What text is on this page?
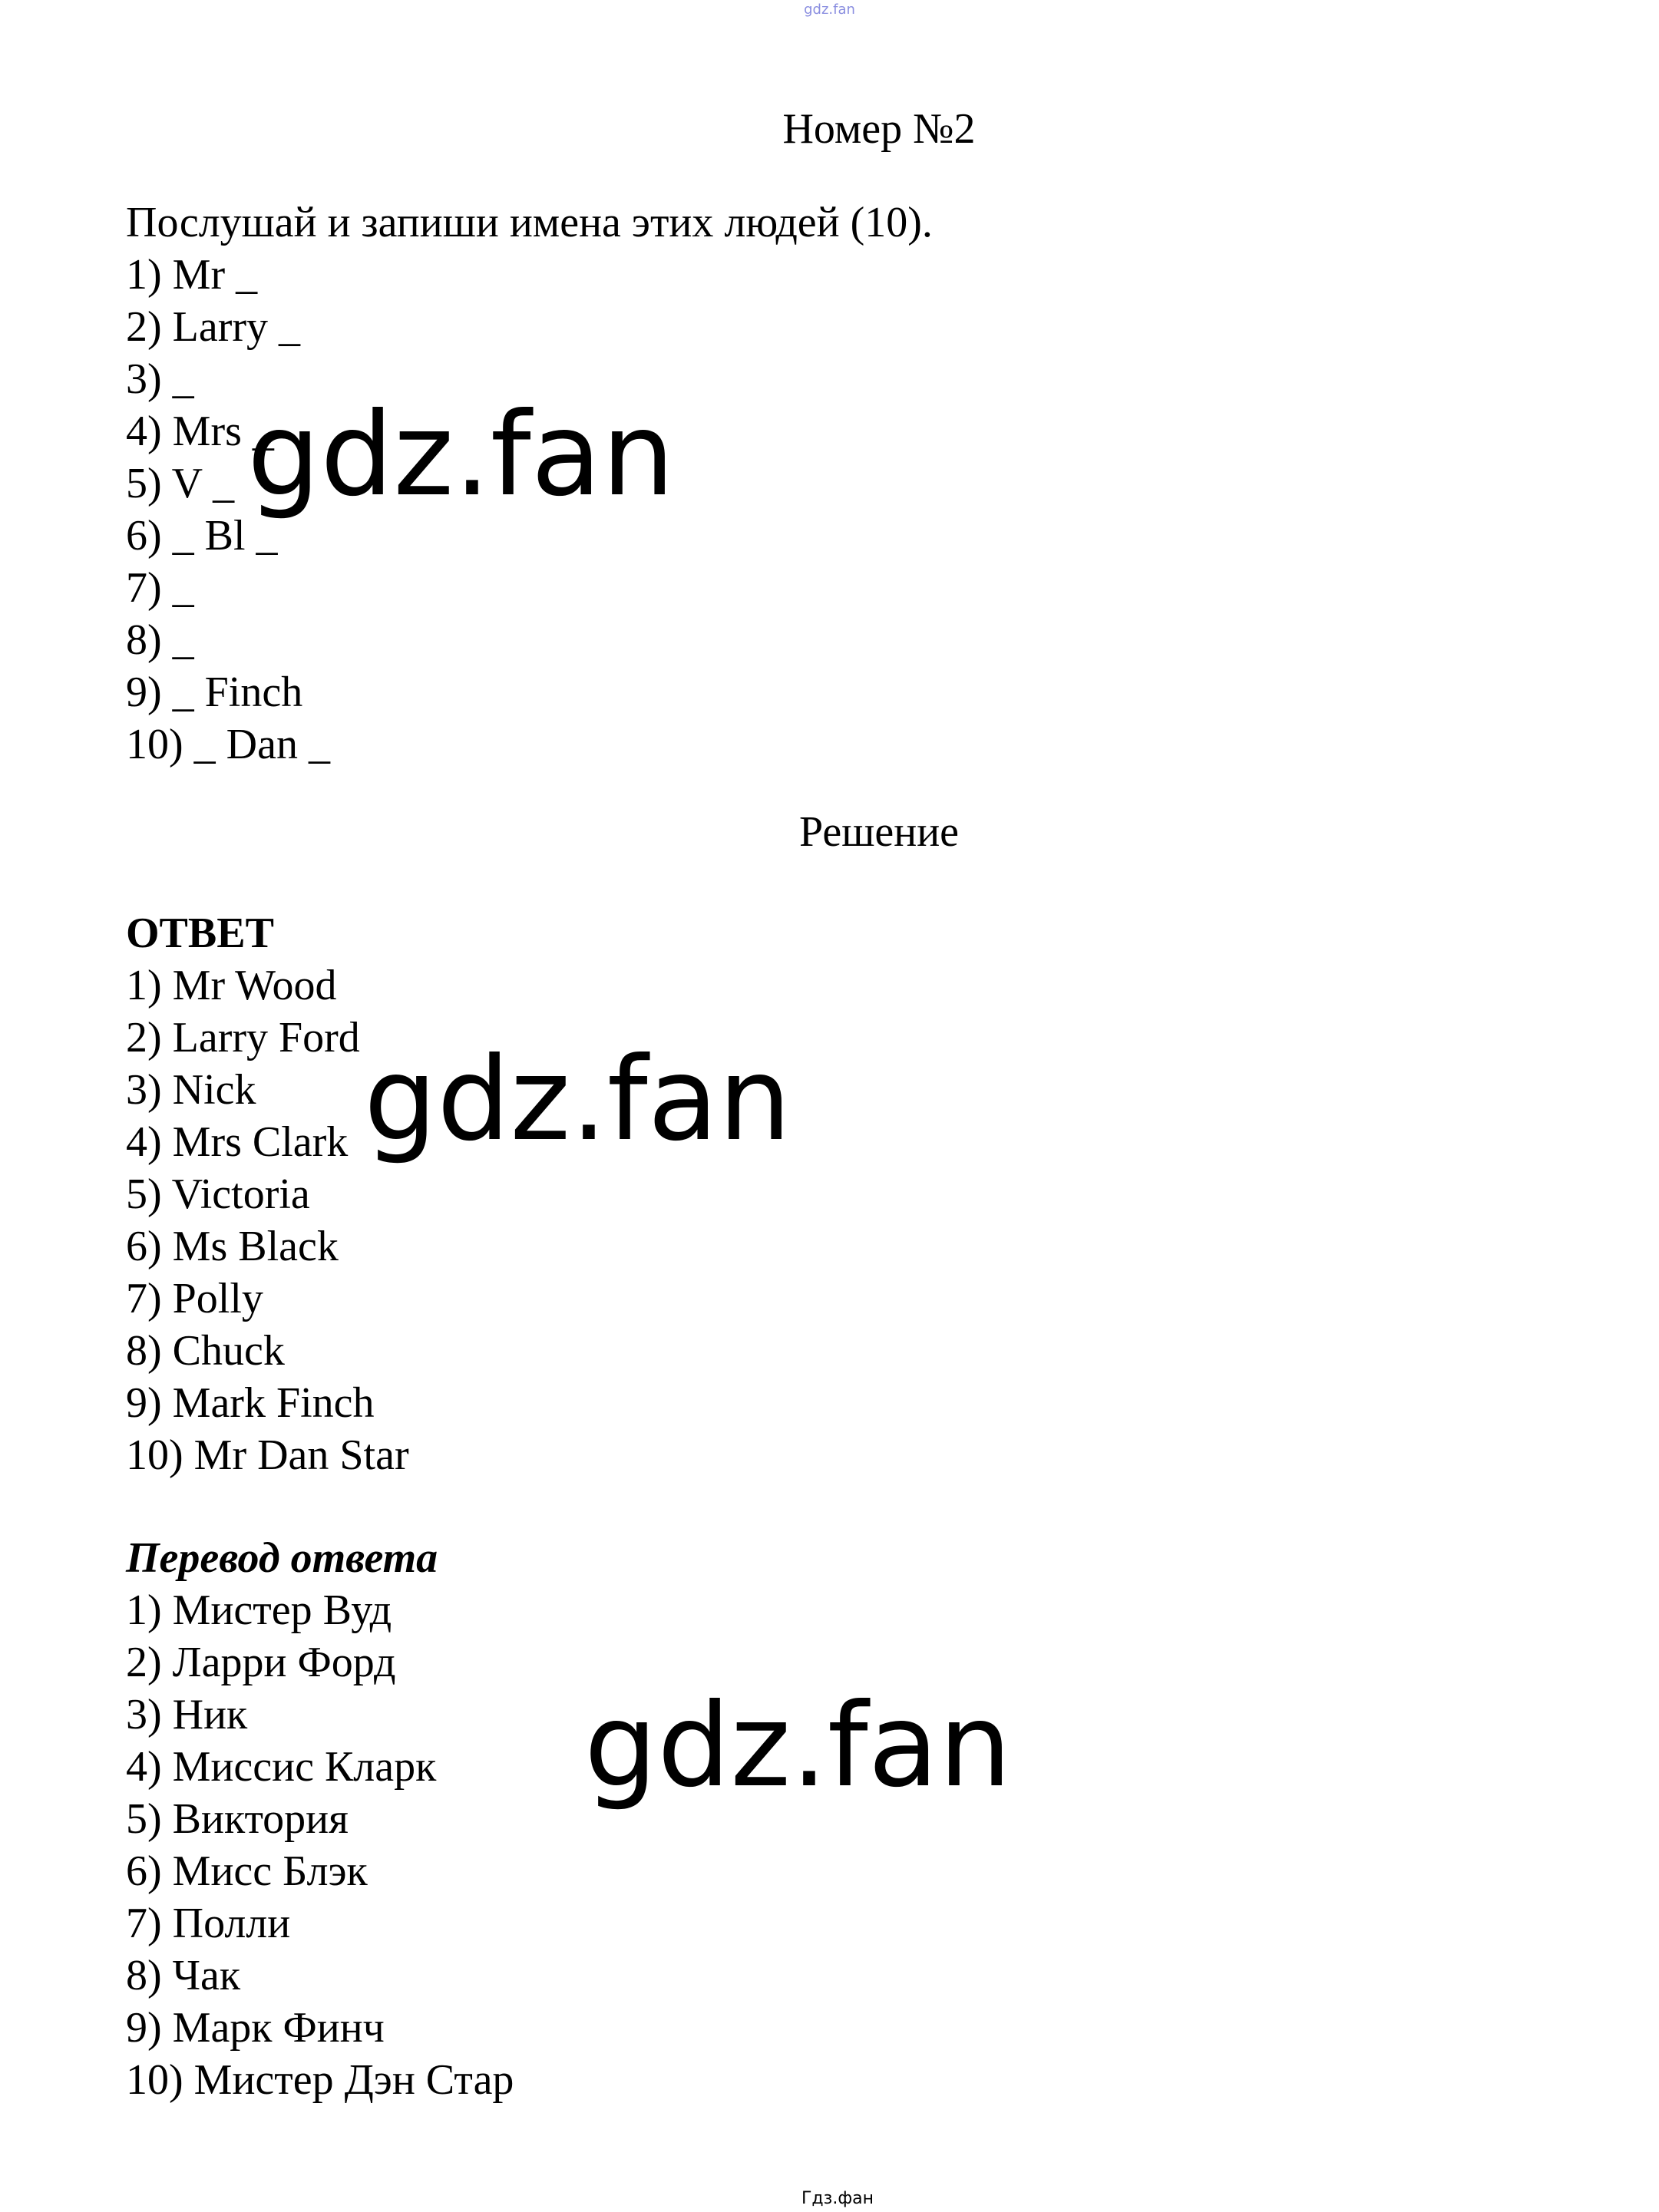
gdz.fan
Номер №2
Послушай и запиши имена этих людей (10).
1) Mr _
2) Larry _
3) _
4) Mrs _
5) V _
6) _ Bl _
7) _
8) _
9) _ Finch
10) _ Dan _
Решение
ОТВЕТ
1) Mr Wood
2) Larry Ford
3) Nick
4) Mrs Clark
5) Victoria
6) Ms Black
7) Polly
8) Chuck
9) Mark Finch
10) Mr Dan Star
Перевод ответа
1) Мистер Вуд
2) Ларри Форд
3) Ник
4) Миссис Кларк
5) Виктория
6) Мисс Блэк
7) Полли
8) Чак
9) Марк Финч
10) Мистер Дэн Стар
gdz.fan
gdz.fan
gdz.fan
Гдз.фан
